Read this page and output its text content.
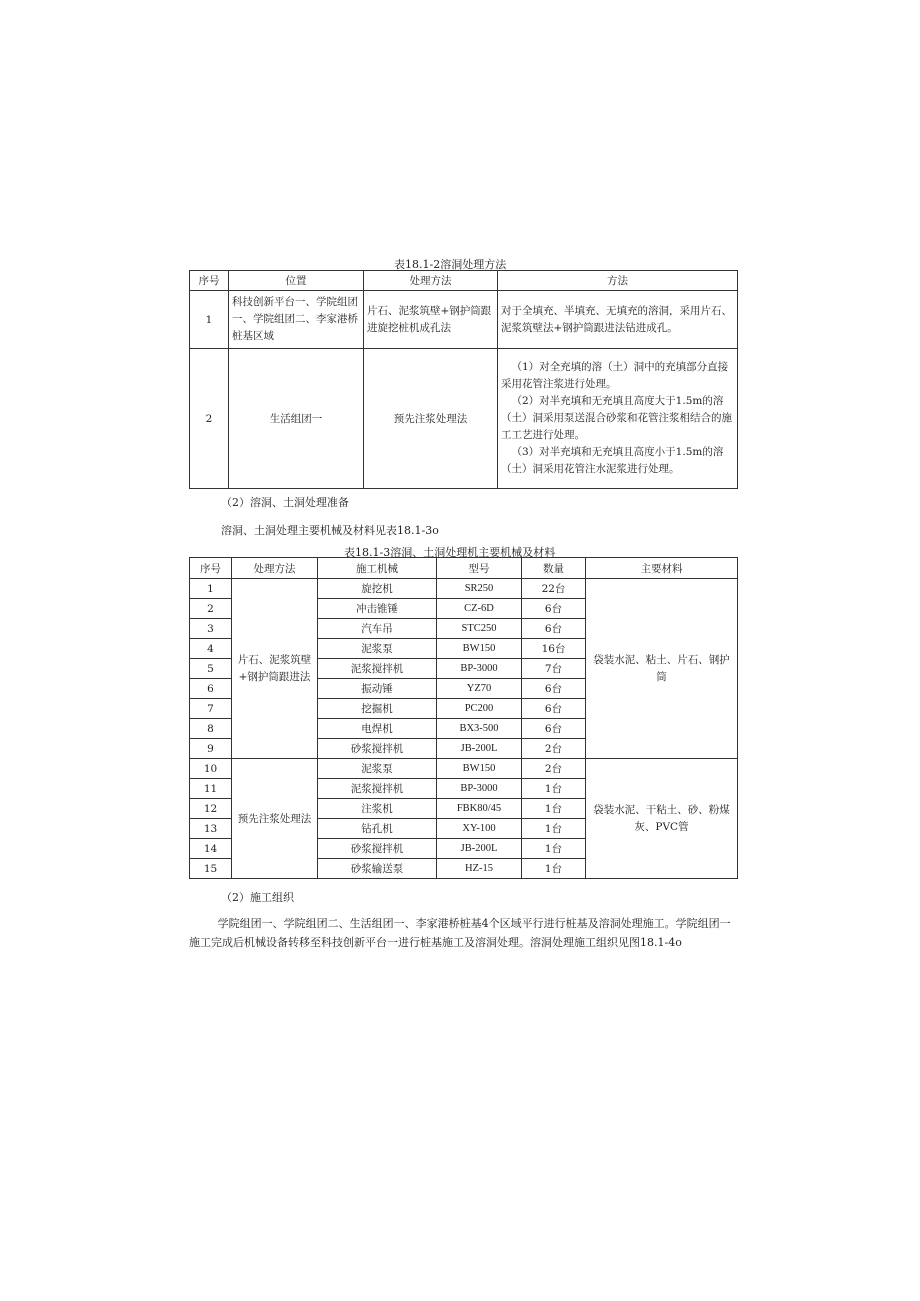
表18.1-2溶洞处理方法
序号	位置	处理方法	方法
1	科技创新平台一、学院组团一、学院组团二、李家港桥桩基区域	片石、泥浆筑壁+钢护筒跟进旋挖桩机成孔法	对于全填充、半填充、无填充的溶洞，采用片石、泥浆筑壁法+钢护筒跟进法钻进成孔。
2	生活组团一	预先注浆处理法	（1）对全充填的溶（土）洞中的充填部分直接采用花管注浆进行处理。
（2）对半充填和无充填且高度大于1.5m的溶（土）洞采用泵送混合砂浆和花管注浆相结合的施工工艺进行处理。
（3）对半充填和无充填且高度小于1.5m的溶（土）洞采用花管注水泥浆进行处理。
（2）溶洞、土洞处理准备
溶洞、土洞处理主要机械及材料见表18.1-3o
表18.1-3溶洞、土洞处理机主要机械及材料
序号	处理方法	施工机械	型号	数量	主要材料
1	片石、泥浆筑壁+钢护筒跟进法	旋挖机	SR250	22台	袋装水泥、粘土、片石、钢护筒
2		冲击锥锤	CZ-6D	6台	
3		汽车吊	STC250	6台	
4		泥浆泵	BW150	16台	
5		泥浆搅拌机	BP-3000	7台	
6		振动锤	YZ70	6台	
7		挖掘机	PC200	6台	
8		电焊机	BX3-500	6台	
9		砂浆搅拌机	JB-200L	2台	
10	预先注浆处理法	泥浆泵	BW150	2台	袋装水泥、干粘土、砂、粉煤灰、PVC管
11		泥浆搅拌机	BP-3000	1台	
12		注浆机	FBK80/45	1台	
13		钻孔机	XY-100	1台	
14		砂浆搅拌机	JB-200L	1台	
15		砂浆输送泵	HZ-15	1台	
（2）施工组织
学院组团一、学院组团二、生活组团一、李家港桥桩基4个区域平行进行桩基及溶洞处理施工。学院组团一施工完成后机械设备转移至科技创新平台一进行桩基施工及溶洞处理。溶洞处理施工组织见图18.1-4o
